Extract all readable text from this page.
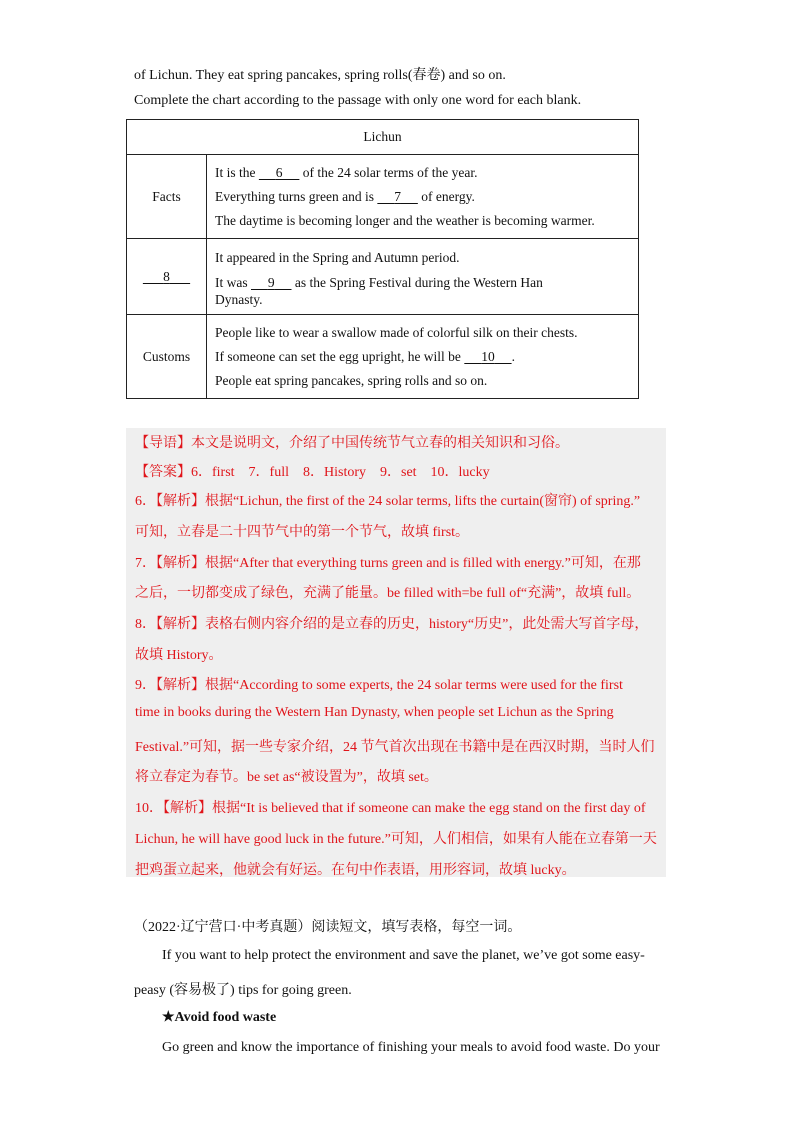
of Lichun. They eat spring pancakes, spring rolls(春卷) and so on.
Complete the chart according to the passage with only one word for each blank.
Lichun	
Facts	It is the 6 of the 24 solar terms of the year.
Everything turns green and is 7 of energy.
The daytime is becoming longer and the weather is becoming warmer.

8	It appeared in the Spring and Autumn period.
It was 9 as the Spring Festival during the Western Han
Dynasty.

Customs	People like to wear a swallow made of colorful silk on their chests.
If someone can set the egg upright, he will be 10 .
People eat spring pancakes, spring rolls and so on.
【导语】本文是说明文，介绍了中国传统节气立春的相关知识和习俗。
【答案】6．first　7．full　8．History　9．set　10．lucky
6．【解析】根据“Lichun, the first of the 24 solar terms, lifts the curtain(窗帘) of spring.”
可知，立春是二十四节气中的第一个节气，故填 first。
7．【解析】根据“After that everything turns green and is filled with energy.”可知，在那
之后，一切都变成了绿色，充满了能量。be filled with=be full of“充满”，故填 full。
8．【解析】表格右侧内容介绍的是立春的历史，history“历史”，此处需大写首字母，
故填 History。
9．【解析】根据“According to some experts, the 24 solar terms were used for the first
time in books during the Western Han Dynasty, when people set Lichun as the Spring
Festival.”可知，据一些专家介绍，24 节气首次出现在书籍中是在西汉时期，当时人们
将立春定为春节。be set as“被设置为”，故填 set。
10．【解析】根据“It is believed that if someone can make the egg stand on the first day of
Lichun, he will have good luck in the future.”可知，人们相信，如果有人能在立春第一天
把鸡蛋立起来，他就会有好运。在句中作表语，用形容词，故填 lucky。
（2022·辽宁营口·中考真题）阅读短文，填写表格，每空一词。
If you want to help protect the environment and save the planet, we’ve got some easy-
peasy (容易极了) tips for going green.
★Avoid food waste
Go green and know the importance of finishing your meals to avoid food waste. Do your
